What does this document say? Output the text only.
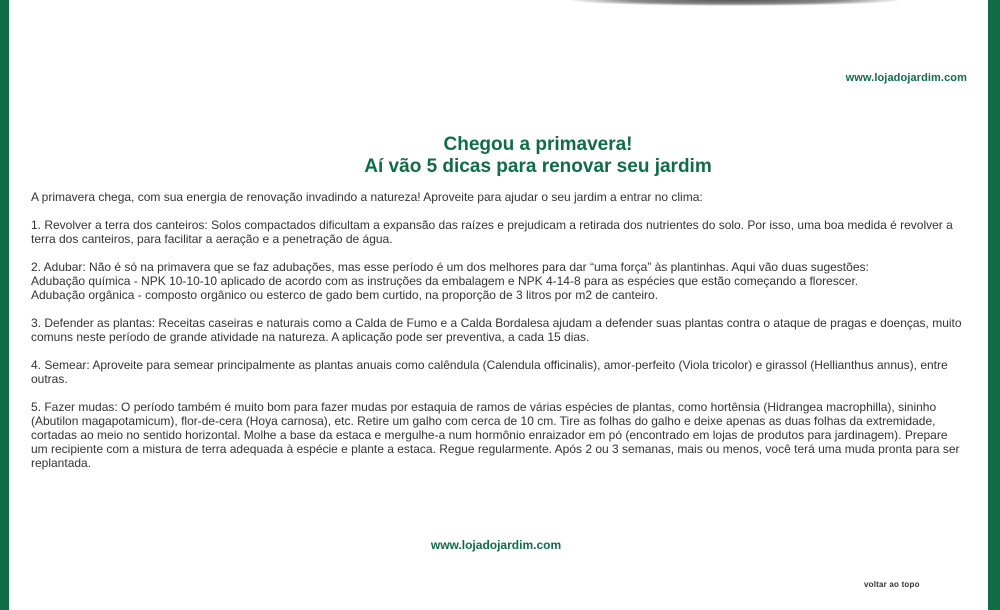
www.lojadojardim.com
Chegou a primavera!
Aí vão 5 dicas para renovar seu jardim

A primavera chega, com sua energia de renovação invadindo a natureza! Aproveite para ajudar o seu jardim a entrar no clima:

1. Revolver a terra dos canteiros: Solos compactados dificultam a expansão das raízes e prejudicam a retirada dos nutrientes do solo. Por isso, uma boa medida é revolver a terra dos canteiros, para facilitar a aeração e a penetração de água.

2. Adubar: Não é só na primavera que se faz adubações, mas esse período é um dos melhores para dar “uma força” às plantinhas. Aqui vão duas sugestões:
Adubação química - NPK 10-10-10 aplicado de acordo com as instruções da embalagem e NPK 4-14-8 para as espécies que estão começando a florescer.
Adubação orgânica - composto orgânico ou esterco de gado bem curtido, na proporção de 3 litros por m2 de canteiro.

3. Defender as plantas: Receitas caseiras e naturais como a Calda de Fumo e a Calda Bordalesa ajudam a defender suas plantas contra o ataque de pragas e doenças, muito comuns neste período de grande atividade na natureza. A aplicação pode ser preventiva, a cada 15 dias.

4. Semear: Aproveite para semear principalmente as plantas anuais como calêndula (Calendula officinalis), amor-perfeito (Viola tricolor) e girassol (Hellianthus annus), entre outras.

5. Fazer mudas: O período também é muito bom para fazer mudas por estaquia de ramos de várias espécies de plantas, como hortênsia (Hidrangea macrophilla), sininho (Abutilon magapotamicum), flor-de-cera (Hoya carnosa), etc. Retire um galho com cerca de 10 cm. Tire as folhas do galho e deixe apenas as duas folhas da extremidade, cortadas ao meio no sentido horizontal. Molhe a base da estaca e mergulhe-a num hormônio enraizador em pó (encontrado em lojas de produtos para jardinagem). Prepare um recipiente com a mistura de terra adequada à espécie e plante a estaca. Regue regularmente. Após 2 ou 3 semanas, mais ou menos, você terá uma muda pronta para ser replantada.

www.lojadojardim.com
voltar ao topo
